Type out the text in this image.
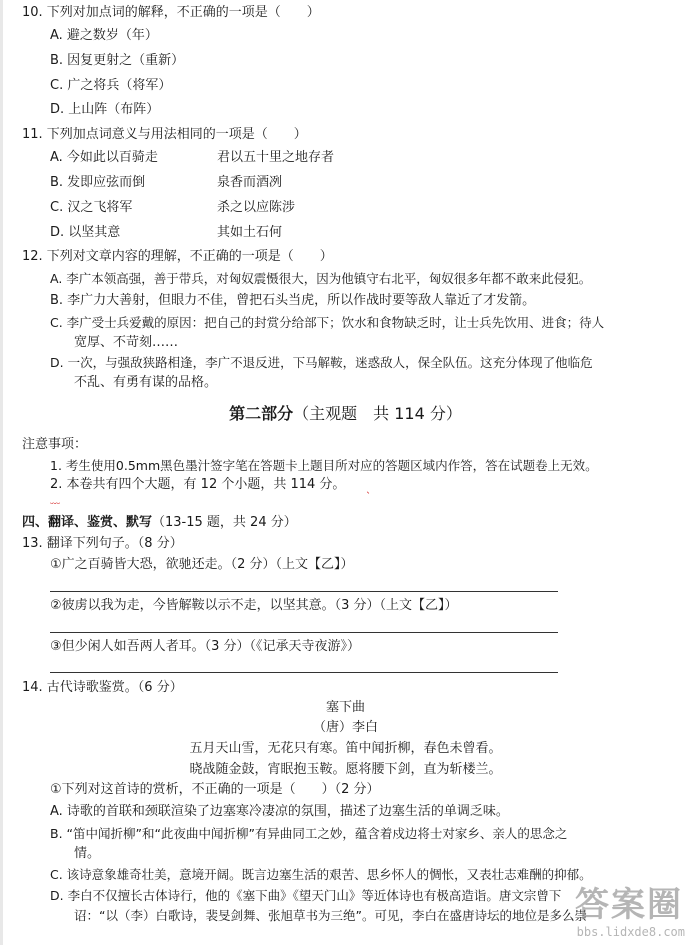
10. 下列对加点词的解释，不正确的一项是（　　）
A. 避之数岁（年）
B. 因复更射之（重新）
C. 广之将兵（将军）
D. 上山阵（布阵）
11. 下列加点词意义与用法相同的一项是（　　）
A. 今如此以百骑走	君以五十里之地存者
B. 发即应弦而倒	泉香而酒冽
C. 汉之飞将军	杀之以应陈涉
D. 以坚其意	其如土石何
12. 下列对文章内容的理解，不正确的一项是（　　）
A. 李广本领高强，善于带兵，对匈奴震慑很大，因为他镇守右北平，匈奴很多年都不敢来此侵犯。
B. 李广力大善射，但眼力不佳，曾把石头当虎，所以作战时要等敌人靠近了才发箭。
C. 李广受士兵爱戴的原因：把自己的封赏分给部下；饮水和食物缺乏时，让士兵先饮用、进食；待人
宽厚、不苛刻……
D. 一次，与强敌狭路相逢，李广不退反进，下马解鞍，迷惑敌人，保全队伍。这充分体现了他临危
不乱、有勇有谋的品格。
第二部分（主观题　共 114 分）
注意事项：
1. 考生使用0.5mm黑色墨汁签字笔在答题卡上题目所对应的答题区域内作答，答在试题卷上无效。
2. 本卷共有四个大题，有 12 个小题，共 114 分。
﹏
ˎ
四、翻译、鉴赏、默写（13-15 题，共 24 分）
13. 翻译下列句子。（8 分）
①广之百骑皆大恐，欲驰还走。（2 分）（上文【乙】）
②彼虏以我为走，今皆解鞍以示不走，以坚其意。（3 分）（上文【乙】）
③但少闲人如吾两人者耳。（3 分）（《记承天寺夜游》）
14. 古代诗歌鉴赏。（6 分）
塞下曲
（唐）李白
五月天山雪，无花只有寒。笛中闻折柳，春色未曾看。
晓战随金鼓，宵眠抱玉鞍。愿将腰下剑，直为斩楼兰。
①下列对这首诗的赏析，不正确的一项是（　　）（2 分）
A. 诗歌的首联和颈联渲染了边塞寒冷凄凉的氛围，描述了边塞生活的单调乏味。
B. “笛中闻折柳”和“此夜曲中闻折柳”有异曲同工之妙，蕴含着戍边将士对家乡、亲人的思念之
情。
C. 该诗意象雄奇壮美，意境开阔。既言边塞生活的艰苦、思乡怀人的惆怅，又表壮志难酬的抑郁。
D. 李白不仅擅长古体诗行，他的《塞下曲》《望天门山》等近体诗也有极高造诣。唐文宗曾下
诏：“以（李）白歌诗，裴旻剑舞、张旭草书为三绝”。可见，李白在盛唐诗坛的地位是多么崇
答案圈
bbs.lidxde8.com
